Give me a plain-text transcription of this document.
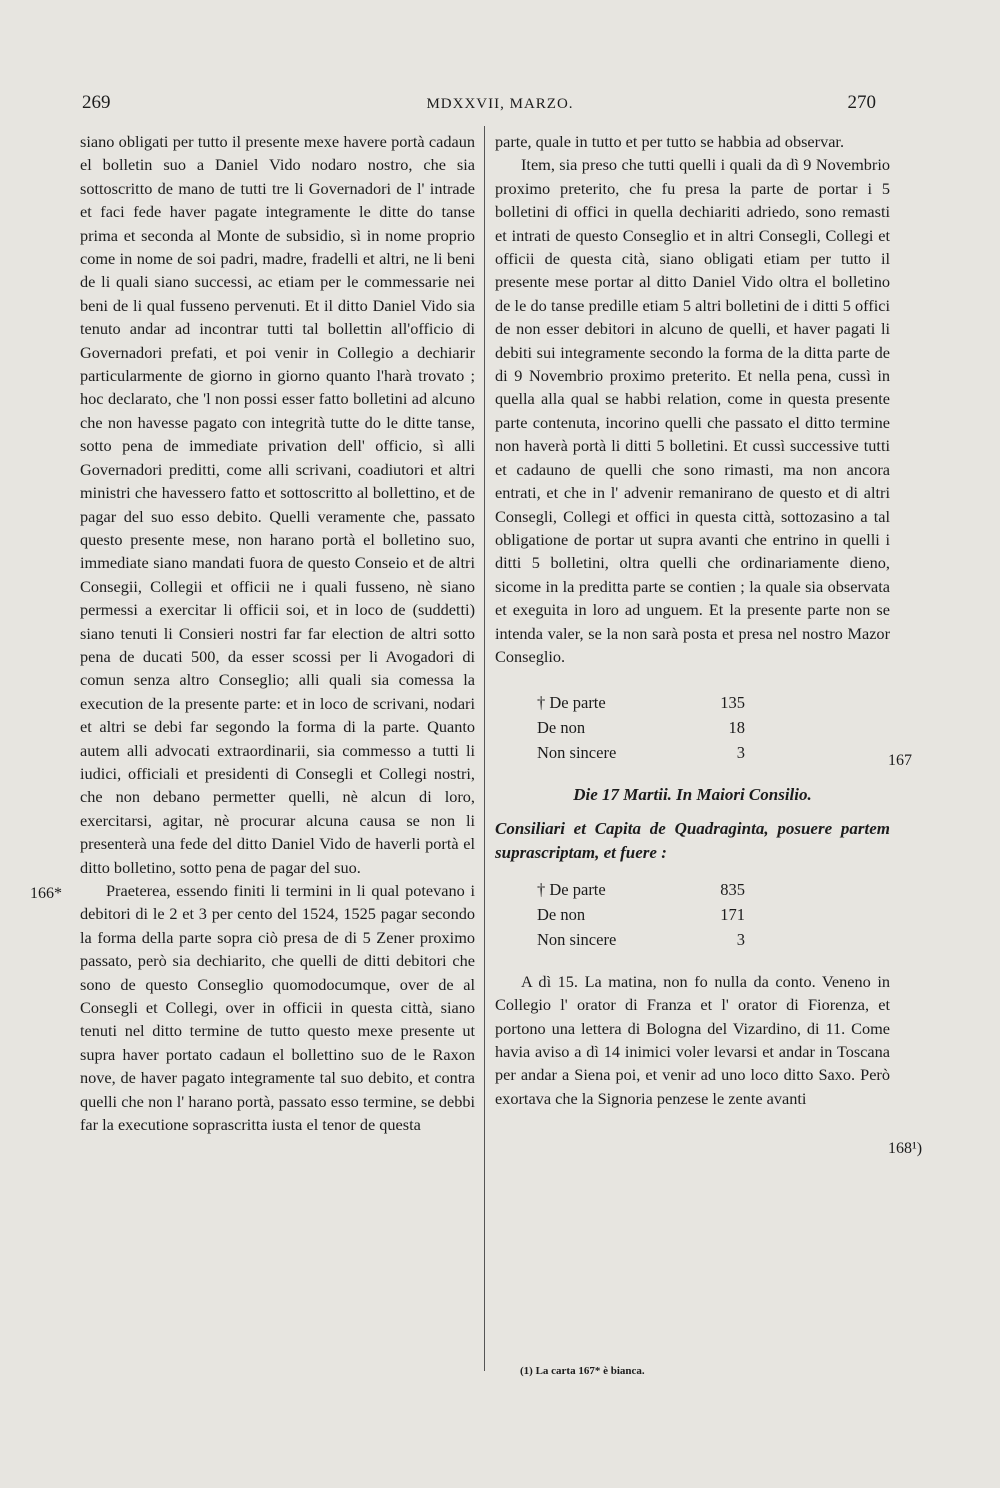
269	MDXXVII, MARZO.	270

siano obligati per tutto il presente mexe havere portà cadaun el bolletin suo a Daniel Vido nodaro nostro, che sia sottoscritto de mano de tutti tre li Governadori de l' intrade et faci fede haver pagate integramente le ditte do tanse prima et seconda al Monte de subsidio, sì in nome proprio come in nome de soi padri, madre, fradelli et altri, ne li beni de li quali siano successi, ac etiam per le commessarie nei beni de li qual fusseno pervenuti. Et il ditto Daniel Vido sia tenuto andar ad incontrar tutti tal bollettin all'officio di Governadori prefati, et poi venir in Collegio a dechiarir particularmente de giorno in giorno quanto l'harà trovato ; hoc declarato, che 'l non possi esser fatto bolletini ad alcuno che non havesse pagato con integrità tutte do le ditte tanse, sotto pena de immediate privation dell' officio, sì alli Governadori preditti, come alli scrivani, coadiutori et altri ministri che havessero fatto et sottoscritto al bollettino, et de pagar del suo esso debito. Quelli veramente che, passato questo presente mese, non harano portà el bolletino suo, immediate siano mandati fuora de questo Conseio et de altri Consegii, Collegii et officii ne i quali fusseno, nè siano permessi a exercitar li officii soi, et in loco de (suddetti) siano tenuti li Consieri nostri far far election de altri sotto pena de ducati 500, da esser scossi per li Avogadori di comun senza altro Conseglio; alli quali sia comessa la execution de la presente parte: et in loco de scrivani, nodari et altri se debi far segondo la forma di la parte. Quanto autem alli advocati extraordinarii, sia commesso a tutti li iudici, officiali et presidenti di Consegli et Collegi nostri, che non debano permetter quelli, nè alcun di loro, exercitarsi, agitar, nè procurar alcuna causa se non li presenterà una fede del ditto Daniel Vido de haverli portà el ditto bolletino, sotto pena de pagar del suo.

Praeterea, essendo finiti li termini in li qual potevano i debitori di le 2 et 3 per cento del 1524, 1525 pagar secondo la forma della parte sopra ciò presa de di 5 Zener proximo passato, però sia dechiarito, che quelli de ditti debitori che sono de questo Conseglio quomodocumque, over de al Consegli et Collegi, over in officii in questa città, siano tenuti nel ditto termine de tutto questo mexe presente ut supra haver portato cadaun el bollettino suo de le Raxon nove, de haver pagato integramente tal suo debito, et contra quelli che non l' harano portà, passato esso termine, se debbi far la executione soprascritta iusta el tenor de questa

parte, quale in tutto et per tutto se habbia ad observar.

Item, sia preso che tutti quelli i quali da dì 9 Novembrio proximo preterito, che fu presa la parte de portar i 5 bolletini di offici in quella dechiariti adriedo, sono remasti et intrati de questo Conseglio et in altri Consegli, Collegi et officii de questa cità, siano obligati etiam per tutto il presente mese portar al ditto Daniel Vido oltra el bolletino de le do tanse predille etiam 5 altri bolletini de i ditti 5 offici de non esser debitori in alcuno de quelli, et haver pagati li debiti sui integramente secondo la forma de la ditta parte de di 9 Novembrio proximo preterito. Et nella pena, cussì in quella alla qual se habbi relation, come in questa presente parte contenuta, incorino quelli che passato el ditto termine non haverà portà li ditti 5 bolletini. Et cussì successive tutti et cadauno de quelli che sono rimasti, ma non ancora entrati, et che in l' advenir remanirano de questo et di altri Consegli, Collegi et offici in questa città, sottozasino a tal obligatione de portar ut supra avanti che entrino in quelli i ditti 5 bolletini, oltra quelli che ordinariamente dieno, sicome in la preditta parte se contien ; la quale sia observata et exeguita in loro ad unguem. Et la presente parte non se intenda valer, se la non sarà posta et presa nel nostro Mazor Conseglio.

† De parte	135
De non	18
Non sincere	3
Die 17 Martii. In Maiori Consilio.
Consiliari et Capita de Quadraginta, posuere partem suprascriptam, et fuere :
† De parte	835
De non	171
Non sincere	3

A dì 15. La matina, non fo nulla da conto. Veneno in Collegio l' orator di Franza et l' orator di Fiorenza, et portono una lettera di Bologna del Vizardino, di 11. Come havia aviso a dì 14 inimici voler levarsi et andar in Toscana per andar a Siena poi, et venir ad uno loco ditto Saxo. Però exortava che la Signoria penzese le zente avanti

166*
167
168¹)
(1) La carta 167* è bianca.
